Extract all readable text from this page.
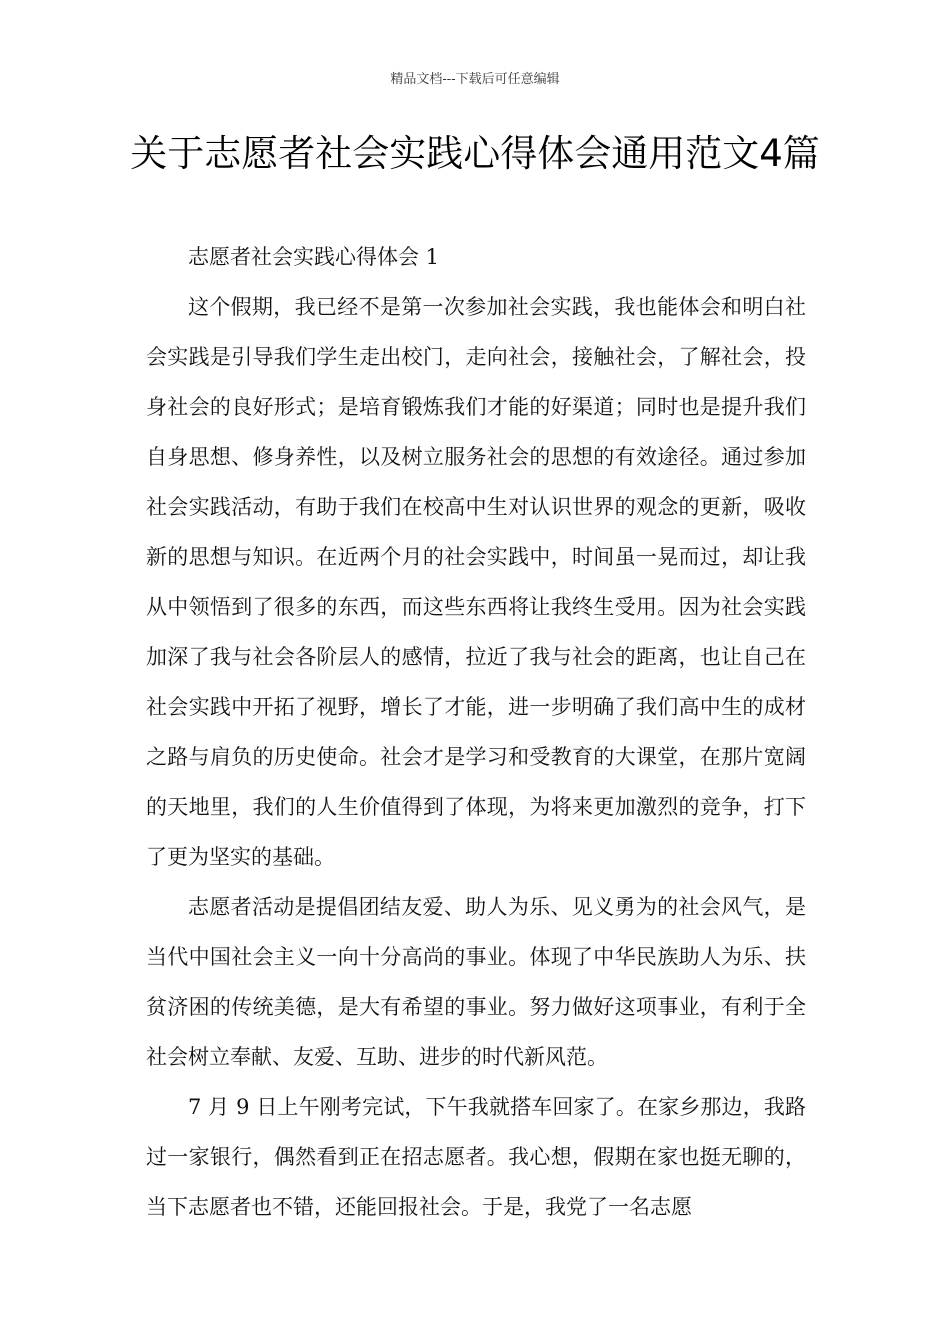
精品文档---下载后可任意编辑
关于志愿者社会实践心得体会通用范文4篇

志愿者社会实践心得体会 1

这个假期，我已经不是第一次参加社会实践，我也能体会和明白社会实践是引导我们学生走出校门，走向社会，接触社会，了解社会，投身社会的良好形式；是培育锻炼我们才能的好渠道；同时也是提升我们自身思想、修身养性，以及树立服务社会的思想的有效途径。通过参加社会实践活动，有助于我们在校高中生对认识世界的观念的更新，吸收新的思想与知识。在近两个月的社会实践中，时间虽一晃而过，却让我从中领悟到了很多的东西，而这些东西将让我终生受用。因为社会实践加深了我与社会各阶层人的感情，拉近了我与社会的距离，也让自己在社会实践中开拓了视野，增长了才能，进一步明确了我们高中生的成材之路与肩负的历史使命。社会才是学习和受教育的大课堂，在那片宽阔的天地里，我们的人生价值得到了体现，为将来更加激烈的竞争，打下了更为坚实的基础。

志愿者活动是提倡团结友爱、助人为乐、见义勇为的社会风气，是当代中国社会主义一向十分高尚的事业。体现了中华民族助人为乐、扶贫济困的传统美德，是大有希望的事业。努力做好这项事业，有利于全社会树立奉献、友爱、互助、进步的时代新风范。

7 月 9 日上午刚考完试，下午我就搭车回家了。在家乡那边，我路过一家银行，偶然看到正在招志愿者。我心想，假期在家也挺无聊的，当下志愿者也不错，还能回报社会。于是，我党了一名志愿
